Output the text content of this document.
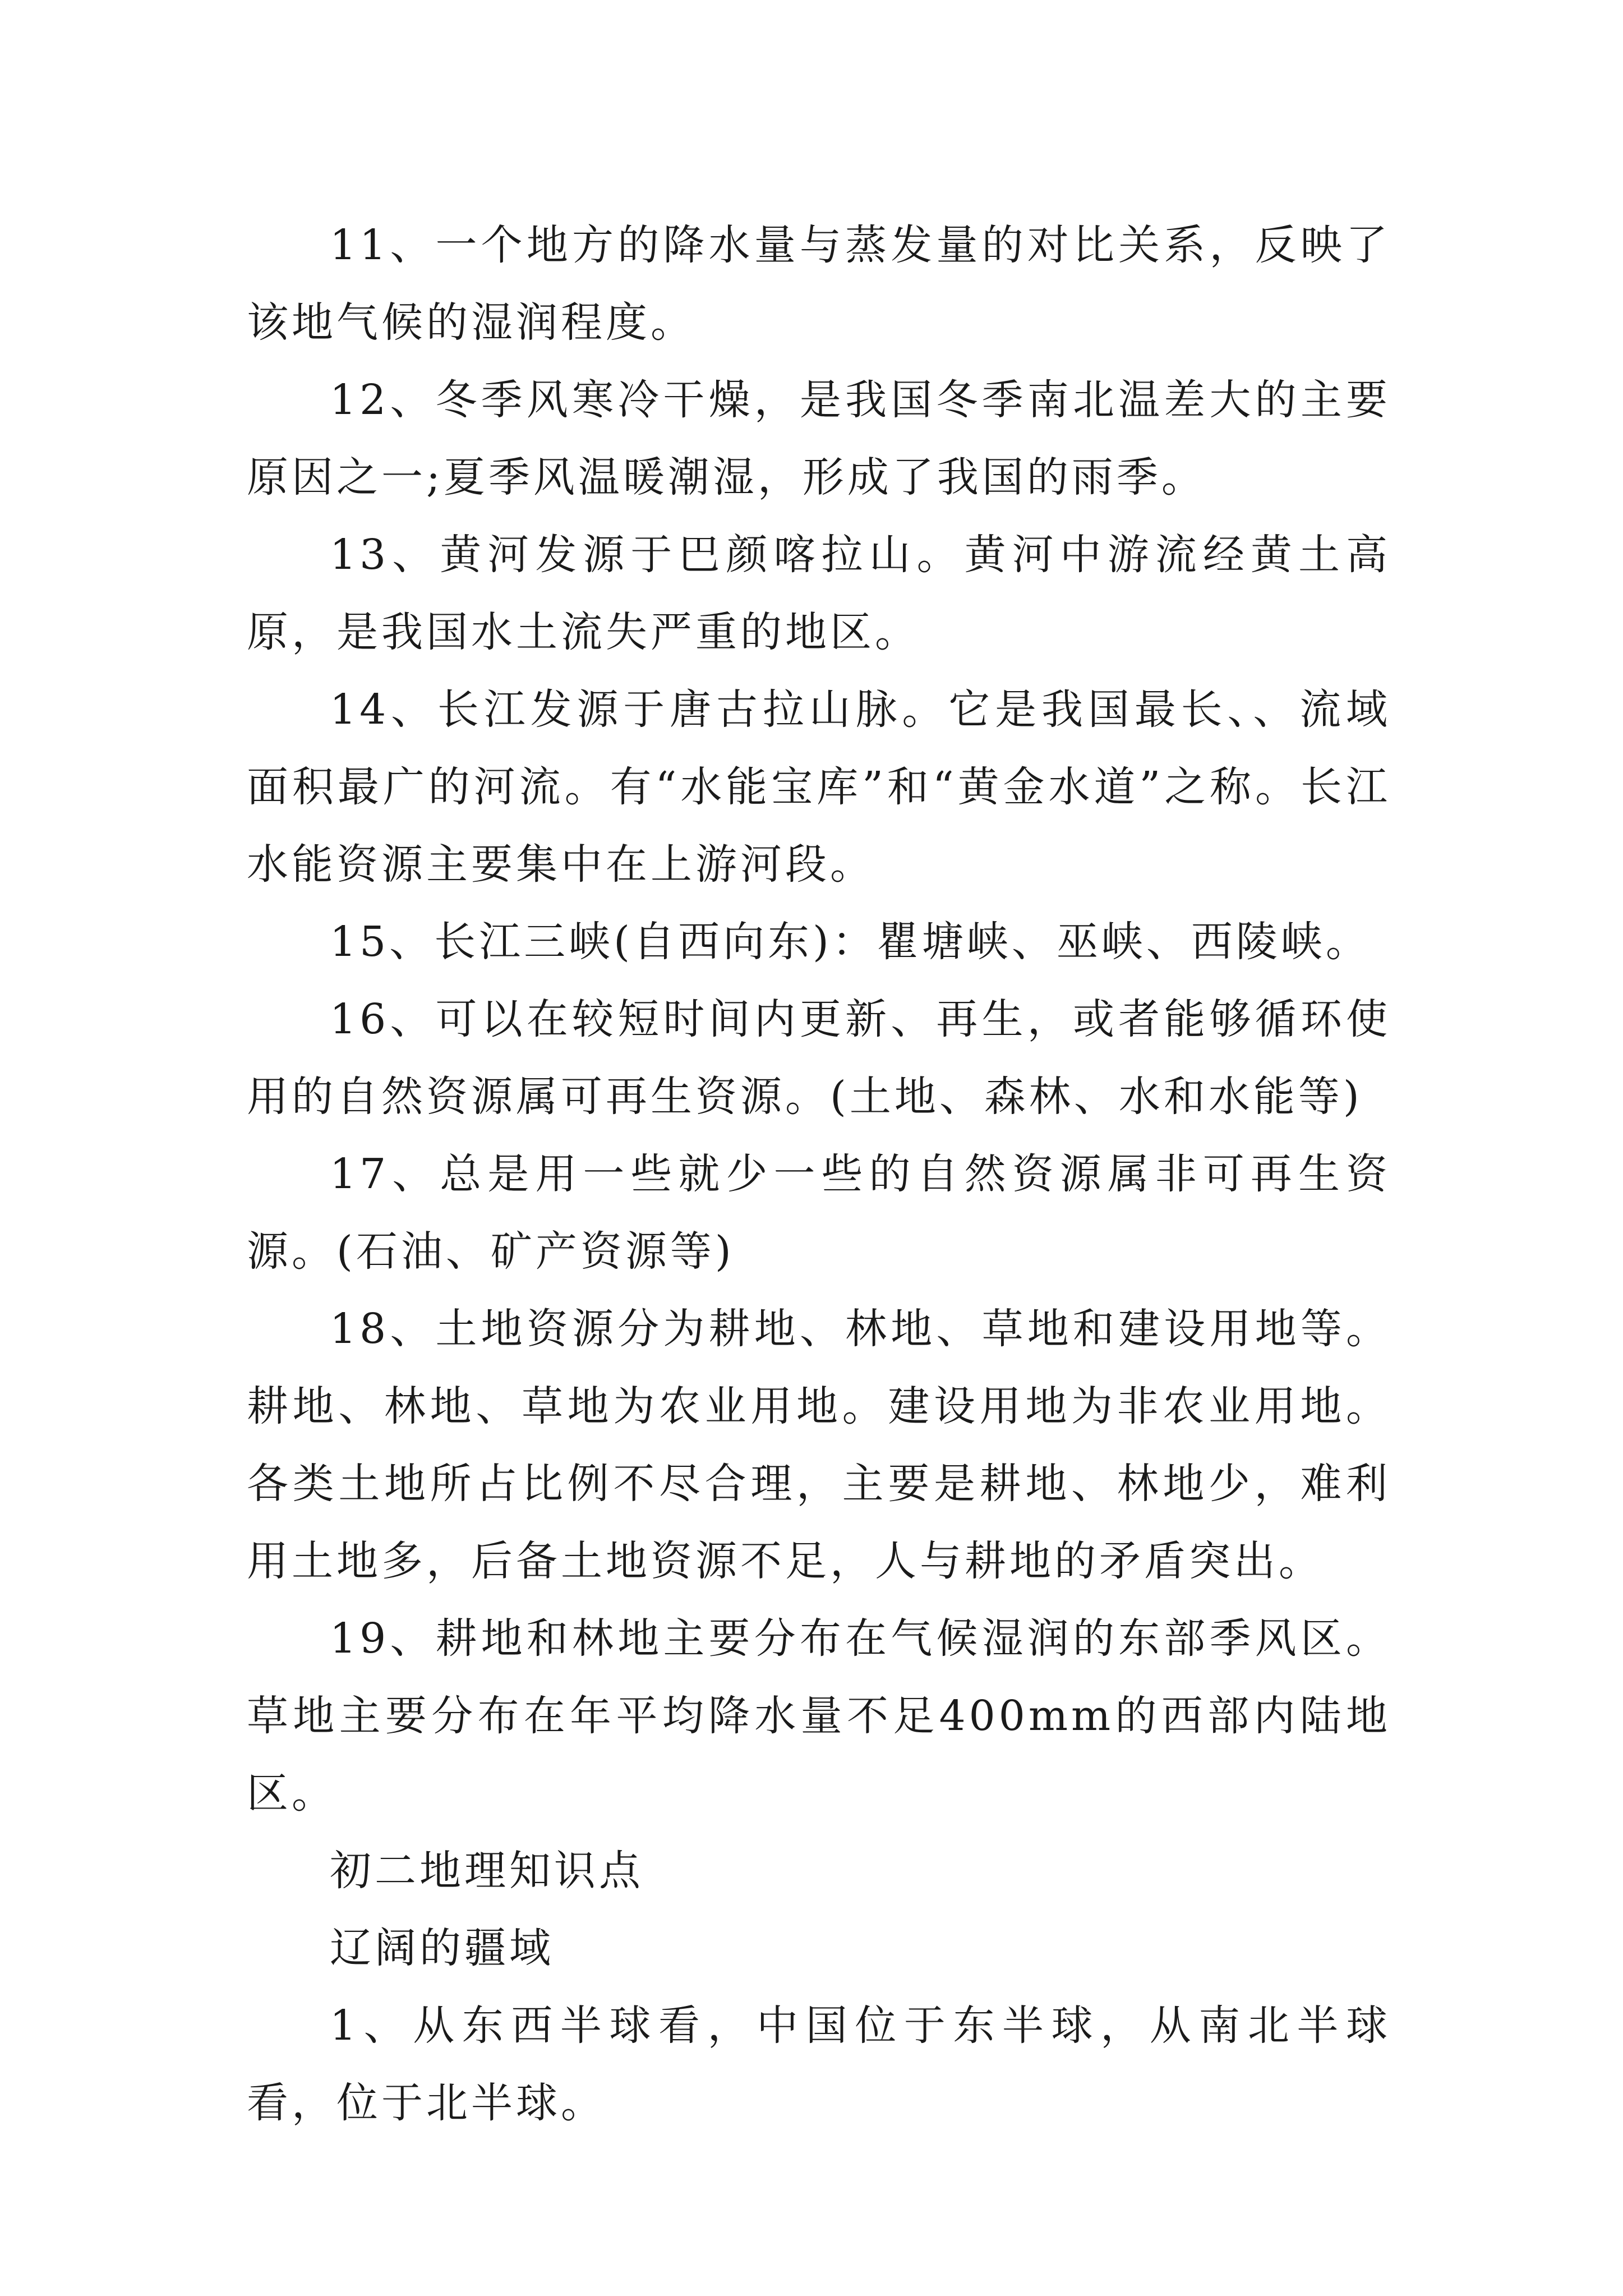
11、一个地方的降水量与蒸发量的对比关系，反映了该地气候的湿润程度。

12、冬季风寒冷干燥，是我国冬季南北温差大的主要原因之一;夏季风温暖潮湿，形成了我国的雨季。

13、黄河发源于巴颜喀拉山。黄河中游流经黄土高原，是我国水土流失严重的地区。

14、长江发源于唐古拉山脉。它是我国最长、、流域面积最广的河流。有“水能宝库”和“黄金水道”之称。长江水能资源主要集中在上游河段。

15、长江三峡(自西向东)：瞿塘峡、巫峡、西陵峡。

16、可以在较短时间内更新、再生，或者能够循环使用的自然资源属可再生资源。(土地、森林、水和水能等)

17、总是用一些就少一些的自然资源属非可再生资源。(石油、矿产资源等)

18、土地资源分为耕地、林地、草地和建设用地等。耕地、林地、草地为农业用地。建设用地为非农业用地。各类土地所占比例不尽合理，主要是耕地、林地少，难利用土地多，后备土地资源不足，人与耕地的矛盾突出。

19、耕地和林地主要分布在气候湿润的东部季风区。草地主要分布在年平均降水量不足400mm的西部内陆地区。

初二地理知识点

辽阔的疆域

1、从东西半球看，中国位于东半球，从南北半球看，位于北半球。
